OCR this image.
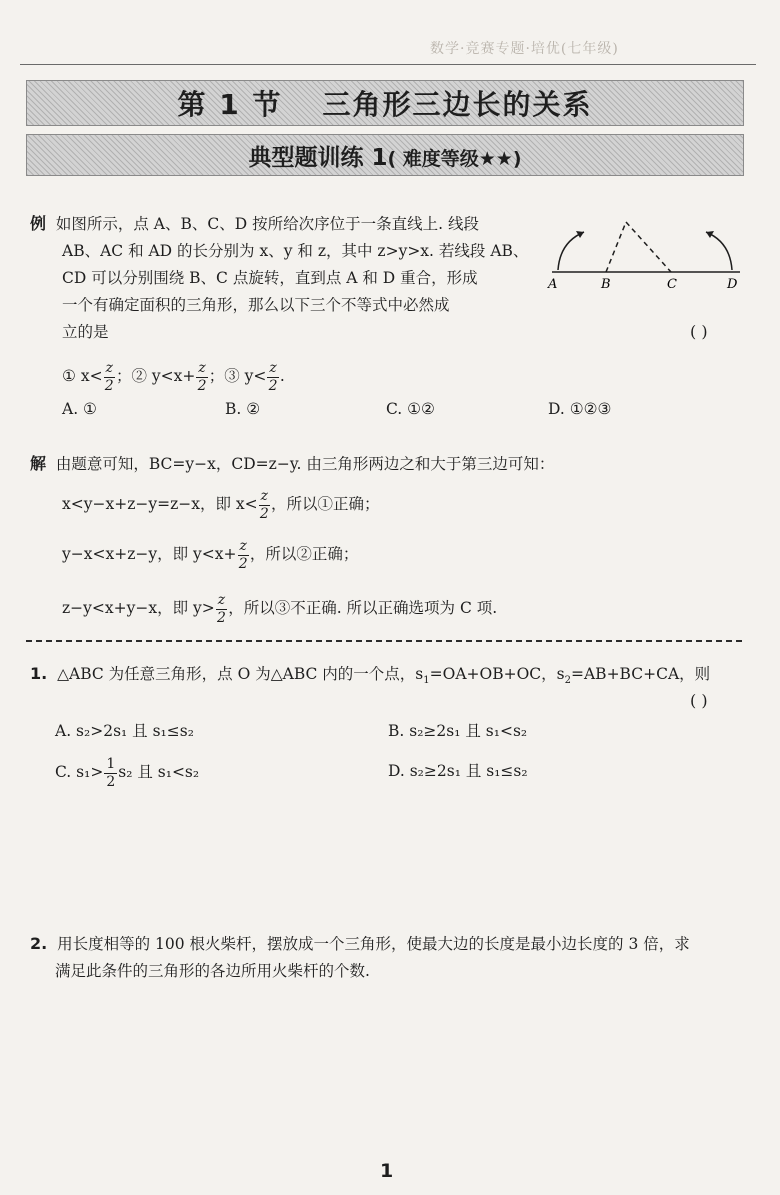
数学·竞赛专题·培优(七年级)
第 1 节 三角形三边长的关系
典型题训练 1( 难度等级★★)
例 如图所示，点 A、B、C、D 按所给次序位于一条直线上. 线段
AB、AC 和 AD 的长分别为 x、y 和 z，其中 z>y>x. 若线段 AB、
CD 可以分别围绕 B、C 点旋转，直到点 A 和 D 重合，形成
一个有确定面积的三角形，那么以下三个不等式中必然成
立的是	( )
A	B	C	D
① $x< \frac{z}{2}$ ；② $y<x+ \frac{z}{2}$ ；③ $y< \frac{z}{2}$ .
A. ①	B. ②	C. ①②	D. ①②③
解 由题意可知，BC=y−x，CD=z−y. 由三角形两边之和大于第三边可知：
x<y−x+z−y=z−x，即 $x< \frac{z}{2}$ ，所以①正确；
y−x<x+z−y，即 $y<x+ \frac{z}{2}$ ，所以②正确；
z−y<x+y−x，即 $y> \frac{z}{2}$ ，所以③不正确. 所以正确选项为 C 项.
1. △ABC 为任意三角形，点 O 为△ABC 内的一个点，$s_1=OA+OB+OC$，$s_2=AB+BC+CA$，则
( )
A. s₂>2s₁ 且 s₁≤s₂	B. s₂≥2s₁ 且 s₁<s₂
C. $s_1> \frac{1}{2} s_2$ 且 s₁<s₂	D. s₂≥2s₁ 且 s₁≤s₂
2. 用长度相等的 100 根火柴杆，摆放成一个三角形，使最大边的长度是最小边长度的 3 倍，求
满足此条件的三角形的各边所用火柴杆的个数.
1
